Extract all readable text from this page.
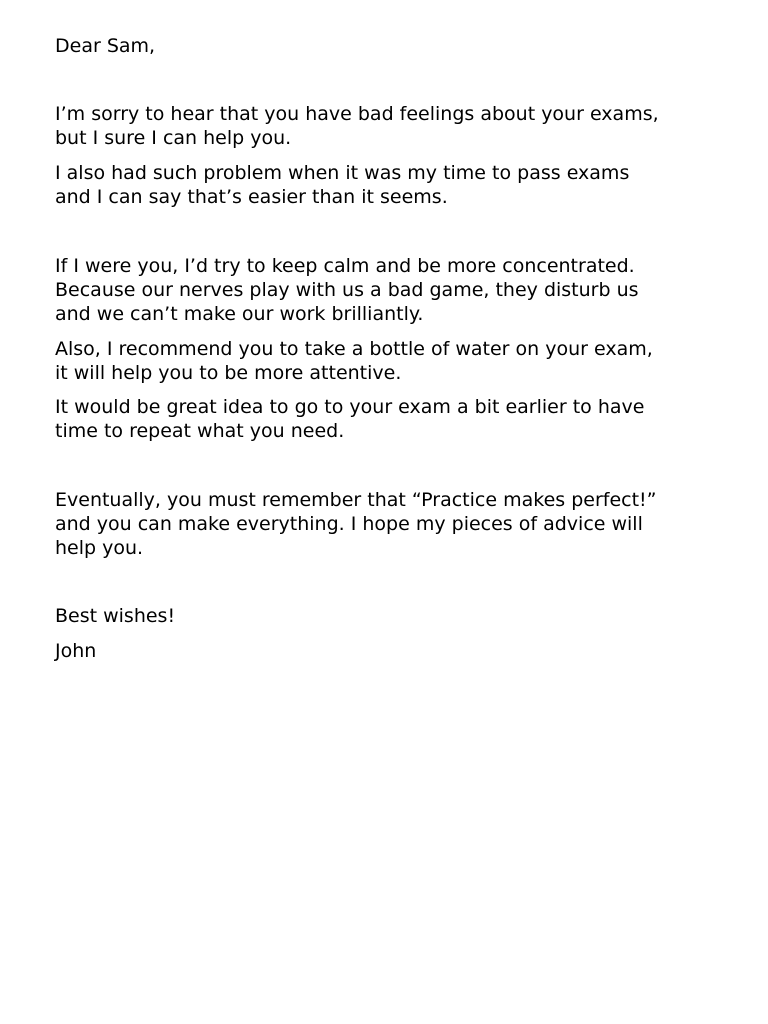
Dear Sam,

I’m sorry to hear that you have bad feelings about your exams,

but I sure I can help you.

I also had such problem when it was my time to pass exams

and I can say that’s easier than it seems.

If I were you, I’d try to keep calm and be more concentrated.

Because our nerves play with us a bad game, they disturb us

and we can’t make our work brilliantly.

Also, I recommend you to take a bottle of water on your exam,

it will help you to be more attentive.

It would be great idea to go to your exam a bit earlier to have

time to repeat what you need.

Eventually, you must remember that “Practice makes perfect!”

and you can make everything. I hope my pieces of advice will

help you.

Best wishes!

John
